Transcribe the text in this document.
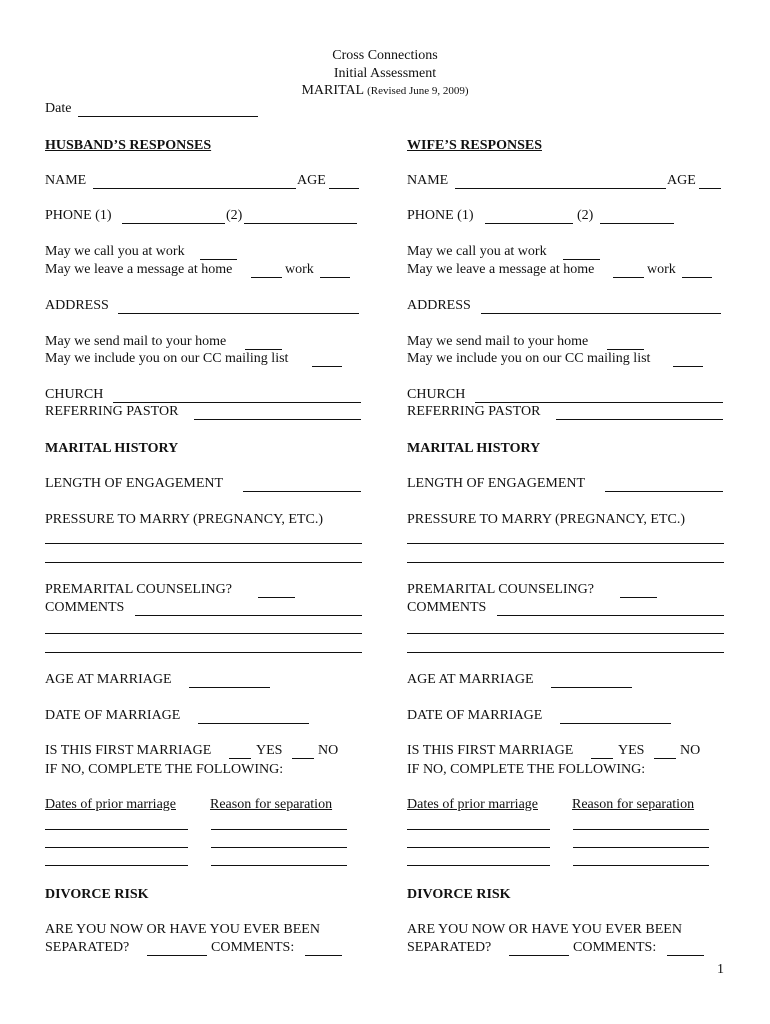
Cross Connections
Initial Assessment
MARITAL (Revised June 9, 2009)
Date
HUSBAND’S RESPONSES
NAME	AGE
PHONE (1)	(2)
May we call you at work
May we leave a message at home	work
ADDRESS
May we send mail to your home
May we include you on our CC mailing list
CHURCH
REFERRING PASTOR
MARITAL HISTORY
LENGTH OF ENGAGEMENT
PRESSURE TO MARRY (PREGNANCY, ETC.)
PREMARITAL COUNSELING?
COMMENTS
AGE AT MARRIAGE
DATE OF MARRIAGE
IS THIS FIRST MARRIAGE	YES	NO
IF NO, COMPLETE THE FOLLOWING:
Dates of prior marriage Reason for separation
DIVORCE RISK
ARE YOU NOW OR HAVE YOU EVER BEEN
SEPARATED?	COMMENTS:
WIFE’S RESPONSES
NAME	AGE
PHONE (1)	(2)
May we call you at work
May we leave a message at home	work
ADDRESS
May we send mail to your home
May we include you on our CC mailing list
CHURCH
REFERRING PASTOR
MARITAL HISTORY
LENGTH OF ENGAGEMENT
PRESSURE TO MARRY (PREGNANCY, ETC.)
PREMARITAL COUNSELING?
COMMENTS
AGE AT MARRIAGE
DATE OF MARRIAGE
IS THIS FIRST MARRIAGE	YES	NO
IF NO, COMPLETE THE FOLLOWING:
Dates of prior marriage Reason for separation
DIVORCE RISK
ARE YOU NOW OR HAVE YOU EVER BEEN
SEPARATED?	COMMENTS:
1
